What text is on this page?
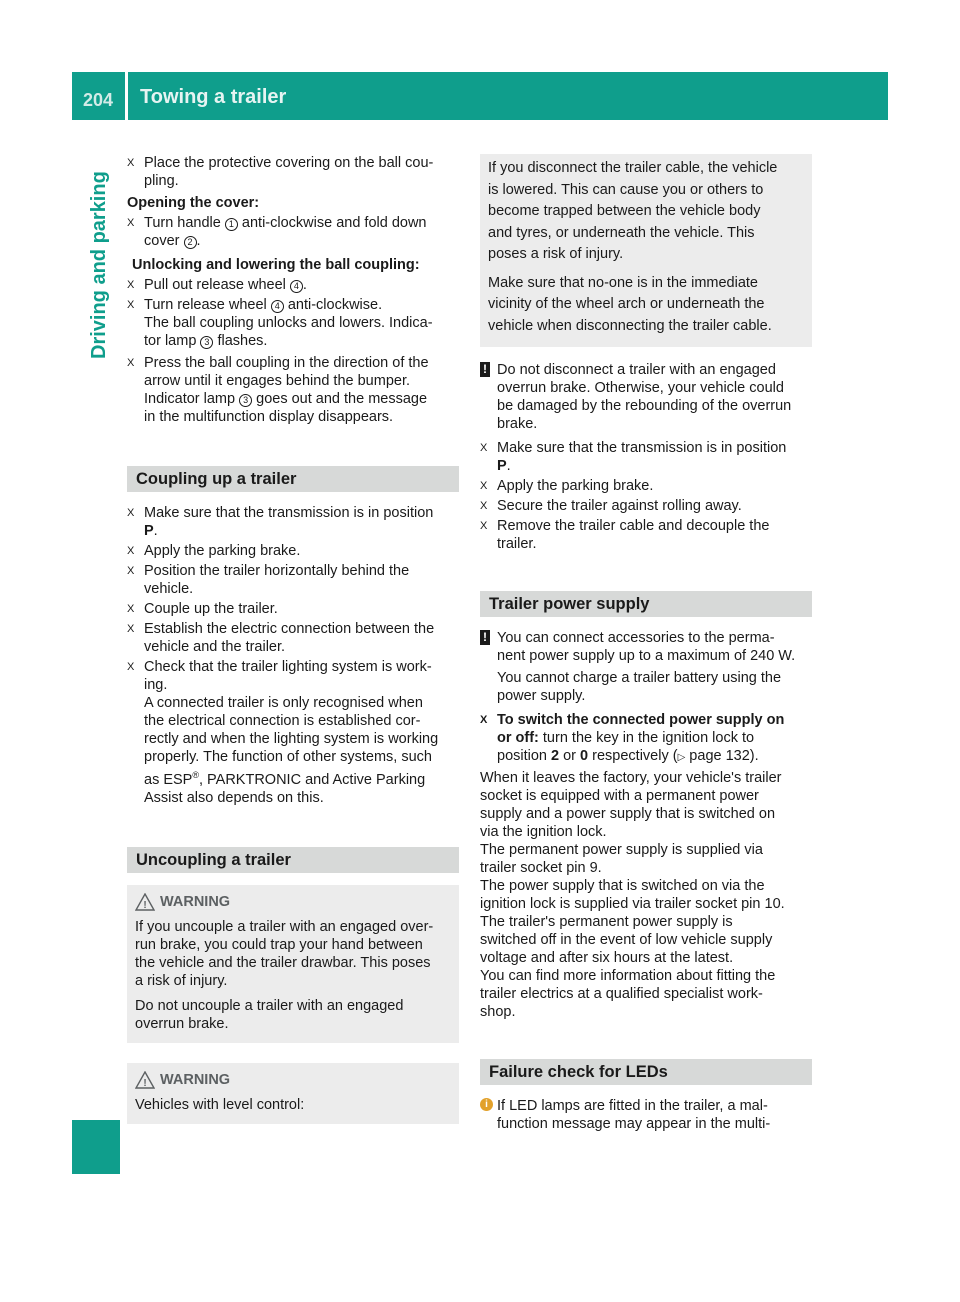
204 Towing a trailer
Driving and parking
X Place the protective covering on the ball cou-
pling.
Opening the cover:
X Turn handle 1 anti-clockwise and fold down
cover 2 .
Unlocking and lowering the ball coupling:
X Pull out release wheel 4 .
X Turn release wheel 4 anti-clockwise.
The ball coupling unlocks and lowers. Indica-
tor lamp 3 flashes.
X Press the ball coupling in the direction of the
arrow until it engages behind the bumper.
Indicator lamp 3 goes out and the message
in the multifunction display disappears.
Coupling up a trailer
X Make sure that the transmission is in position
P.
X Apply the parking brake.
X Position the trailer horizontally behind the
vehicle.
X Couple up the trailer.
X Establish the electric connection between the
vehicle and the trailer.
X Check that the trailer lighting system is work-
ing.
A connected trailer is only recognised when
the electrical connection is established cor-
rectly and when the lighting system is working
properly. The function of other systems, such
as ESP®, PARKTRONIC and Active Parking
Assist also depends on this.
Uncoupling a trailer
! WARNING

If you uncouple a trailer with an engaged over-
run brake, you could trap your hand between
the vehicle and the trailer drawbar. This poses
a risk of injury.

Do not uncouple a trailer with an engaged
overrun brake.

! WARNING

Vehicles with level control:

If you disconnect the trailer cable, the vehicle
is lowered. This can cause you or others to
become trapped between the vehicle body
and tyres, or underneath the vehicle. This
poses a risk of injury.

Make sure that no-one is in the immediate
vicinity of the wheel arch or underneath the
vehicle when disconnecting the trailer cable.

! Do not disconnect a trailer with an engaged
overrun brake. Otherwise, your vehicle could
be damaged by the rebounding of the overrun
brake.

X Make sure that the transmission is in position
P.
X Apply the parking brake.
X Secure the trailer against rolling away.
X Remove the trailer cable and decouple the
trailer.
Trailer power supply
! You can connect accessories to the perma-
nent power supply up to a maximum of 240 W.

You cannot charge a trailer battery using the
power supply.

X To switch the connected power supply on
or off: turn the key in the ignition lock to
position 2 or 0 respectively (▷ page 132).

When it leaves the factory, your vehicle's trailer
socket is equipped with a permanent power
supply and a power supply that is switched on
via the ignition lock.

The permanent power supply is supplied via
trailer socket pin 9.

The power supply that is switched on via the
ignition lock is supplied via trailer socket pin 10.

The trailer's permanent power supply is
switched off in the event of low vehicle supply
voltage and after six hours at the latest.

You can find more information about fitting the
trailer electrics at a qualified specialist work-
shop.

Failure check for LEDs
i If LED lamps are fitted in the trailer, a mal-
function message may appear in the multi-
